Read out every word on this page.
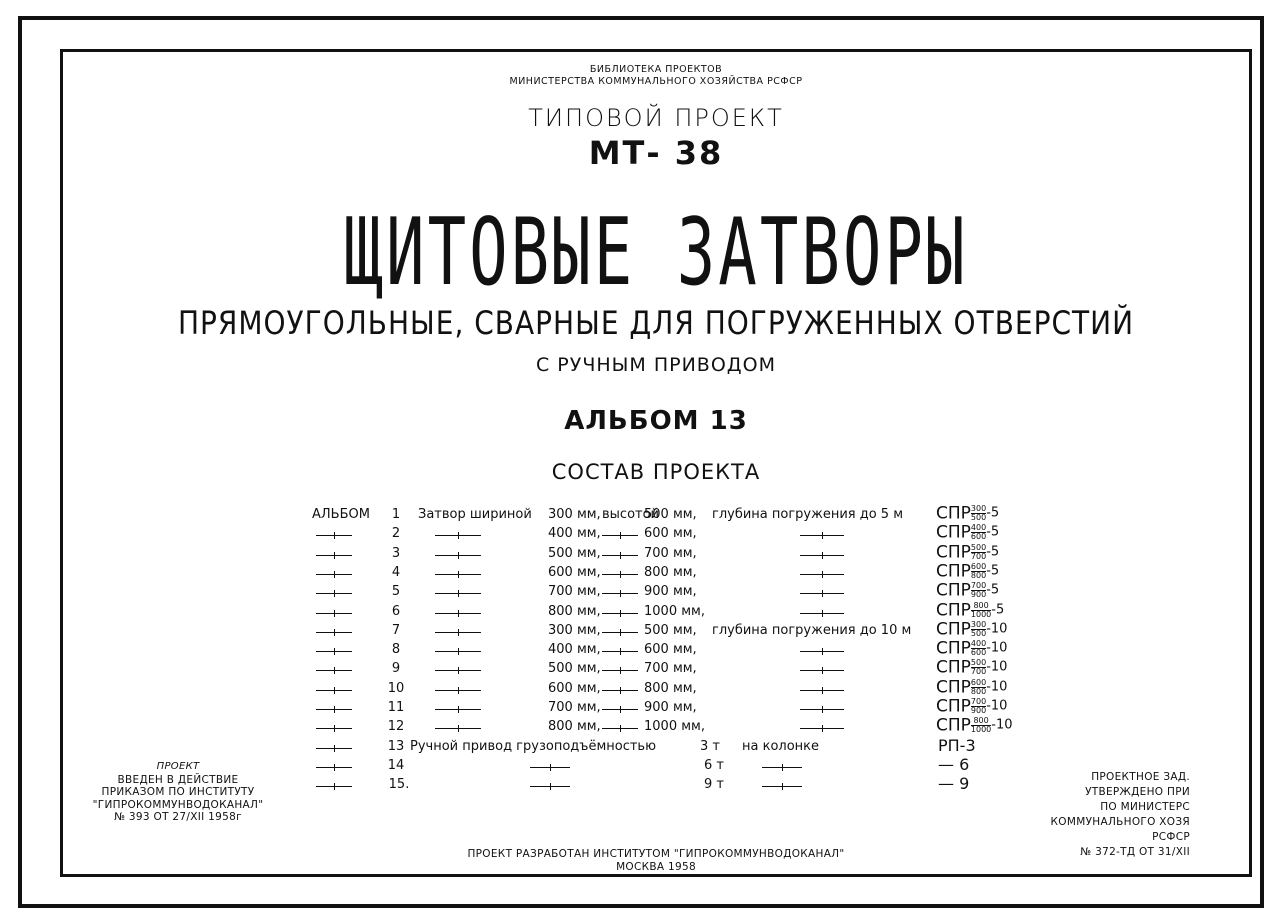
БИБЛИОТЕКА ПРОЕКТОВ
МИНИСТЕРСТВА КОММУНАЛЬНОГО ХОЗЯЙСТВА РСФСР
ТИПОВОЙ ПРОЕКТ
МТ- 38
ЩИТОВЫЕ ЗАТВОРЫ
ПРЯМОУГОЛЬНЫЕ, СВАРНЫЕ ДЛЯ ПОГРУЖЕННЫХ ОТВЕРСТИЙ
С РУЧНЫМ ПРИВОДОМ
АЛЬБОМ 13
СОСТАВ ПРОЕКТА
АЛЬБОМ	Затвор шириной	высотой	глубина погружения до 5 м
1	300 мм,	500 мм,	СПР $\frac{300}{500} -5$
2	400 мм,	600 мм,	СПР $\frac{400}{600} -5$
3	500 мм,	700 мм,	СПР $\frac{500}{700} -5$
4	600 мм,	800 мм,	СПР $\frac{600}{800} -5$
5	700 мм,	900 мм,	СПР $\frac{700}{900} -5$
6	800 мм,	1000 мм,	СПР $\frac{800}{1000} -5$
глубина погружения до 10 м
7	300 мм,	500 мм,	СПР $\frac{300}{500} -10$
8	400 мм,	600 мм,	СПР $\frac{400}{600} -10$
9	500 мм,	700 мм,	СПР $\frac{500}{700} -10$
10	600 мм,	800 мм,	СПР $\frac{600}{800} -10$
11	700 мм,	900 мм,	СПР $\frac{700}{900} -10$
12	800 мм,	1000 мм,	СПР $\frac{800}{1000} -10$
13 Ручной привод грузоподъёмностью	3 т на колонке	РП-3
14	6 т	— 6
15.	9 т	— 9
ПРОЕКТ
ВВЕДЕН В ДЕЙСТВИЕ
ПРИКАЗОМ ПО ИНСТИТУТУ
"ГИПРОКОММУНВОДОКАНАЛ"
№ 393 ОТ 27/XII 1958г
ПРОЕКТНОЕ ЗАД.
УТВЕРЖДЕНО ПРИ
ПО МИНИСТЕРС
КОММУНАЛЬНОГО ХОЗЯ
РСФСР
№ 372-ТД ОТ 31/XII
ПРОЕКТ РАЗРАБОТАН ИНСТИТУТОМ "ГИПРОКОММУНВОДОКАНАЛ"
МОСКВА 1958
